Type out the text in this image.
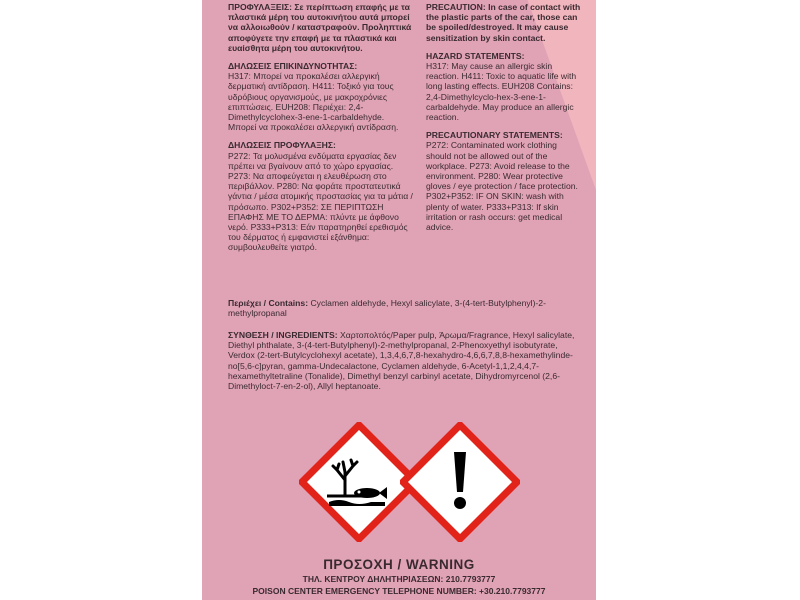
ΠΡΟΦΥΛΑΞΕΙΣ: Σε περίπτωση επαφής με τα πλαστικά μέρη του αυτοκινήτου αυτά μπορεί να αλλοιωθούν / καταστραφούν. Προληπτικά αποφύγετε την επαφή με τα πλαστικά και ευαίσθητα μέρη του αυτοκινήτου.
ΔΗΛΩΣΕΙΣ ΕΠΙΚΙΝΔΥΝΟΤΗΤΑΣ:
H317: Μπορεί να προκαλέσει αλλεργική δερματική αντίδραση. H411: Τοξικό για τους υδρόβιους οργανισμούς, με μακροχρόνιες επιπτώσεις. EUH208: Περιέχει: 2,4-Dimethylcyclohex-3-ene-1-carbaldehyde. Μπορεί να προκαλέσει αλλεργική αντίδραση.
ΔΗΛΩΣΕΙΣ ΠΡΟΦΥΛΑΞΗΣ:
P272: Τα μολυσμένα ενδύματα εργασίας δεν πρέπει να βγαίνουν από το χώρο εργασίας. P273: Να αποφεύγεται η ελευθέρωση στο περιβάλλον. P280: Να φοράτε προστατευτικά γάντια / μέσα ατομικής προστασίας για τα μάτια / πρόσωπο. P302+P352: ΣΕ ΠΕΡΙΠΤΩΣΗ ΕΠΑΦΗΣ ΜΕ ΤΟ ΔΕΡΜΑ: πλύντε με άφθονο νερό. P333+P313: Εάν παρατηρηθεί ερεθισμός του δέρματος ή εμφανιστεί εξάνθημα: συμβουλευθείτε γιατρό.
PRECAUTION: In case of contact with the plastic parts of the car, those can be spoiled/destroyed. It may cause sensitization by skin contact.
HAZARD STATEMENTS:
H317: May cause an allergic skin reaction. H411: Toxic to aquatic life with long lasting effects. EUH208 Contains: 2,4-Dimethylcyclo-hex-3-ene-1-carbaldehyde. May produce an allergic reaction.
PRECAUTIONARY STATEMENTS:
P272: Contaminated work clothing should not be allowed out of the workplace. P273: Avoid release to the environment. P280: Wear protective gloves / eye protection / face protection. P302+P352: IF ON SKIN: wash with plenty of water. P333+P313: If skin irritation or rash occurs: get medical advice.
Περιέχει / Contains: Cyclamen aldehyde, Hexyl salicylate, 3-(4-tert-Butylphenyl)-2-methylpropanal
ΣΥΝΘΕΣΗ / INGREDIENTS: Χαρτοπολτός/Paper pulp, Άρωμα/Fragrance, Hexyl salicylate, Diethyl phthalate, 3-(4-tert-Butylphenyl)-2-methylpropanal, 2-Phenoxyethyl isobutyrate, Verdox (2-tert-Butylcyclohexyl acetate), 1,3,4,6,7,8-hexahydro-4,6,6,7,8,8-hexamethylinde-no[5,6-c]pyran, gamma-Undecalactone, Cyclamen aldehyde, 6-Acetyl-1,1,2,4,4,7-hexamethyltetraline (Tonalide), Dimethyl benzyl carbinyl acetate, Dihydromyrcenol (2,6-Dimethyloct-7-en-2-ol), Allyl heptanoate.
ΠΡΟΣΟΧΗ / WARNING
ΤΗΛ. ΚΕΝΤΡΟΥ ΔΗΛΗΤΗΡΙΑΣΕΩΝ: 210.7793777
POISON CENTER EMERGENCY TELEPHONE NUMBER: +30.210.7793777
